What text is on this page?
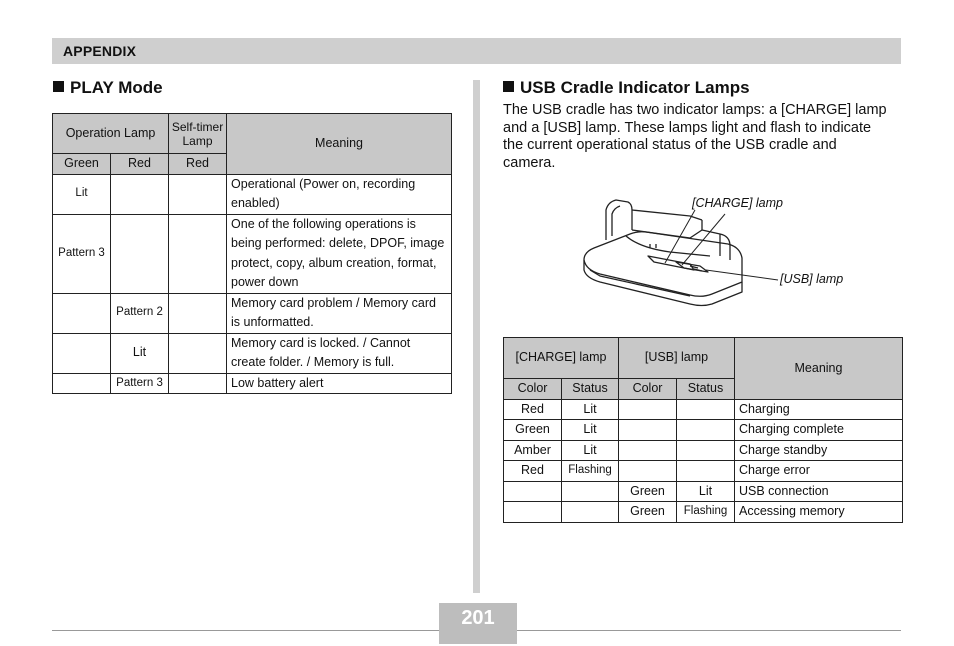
APPENDIX
PLAY Mode
Operation Lamp		Self-timer Lamp	Meaning
Green	Red	Red	
Lit			Operational (Power on, recording enabled)
Pattern 3			One of the following operations is being performed: delete, DPOF, image protect, copy, album creation, format, power down
	Pattern 2		Memory card problem / Memory card is unformatted.
	Lit		Memory card is locked. / Cannot create folder. / Memory is full.
	Pattern 3		Low battery alert
USB Cradle Indicator Lamps
The USB cradle has two indicator lamps: a [CHARGE] lamp and a [USB] lamp. These lamps light and flash to indicate the current operational status of the USB cradle and camera.
[CHARGE] lamp
[USB] lamp
[CHARGE] lamp		[USB] lamp		Meaning
Color	Status	Color	Status	
Red	Lit			Charging
Green	Lit			Charging complete
Amber	Lit			Charge standby
Red	Flashing			Charge error
		Green	Lit	USB connection
		Green	Flashing	Accessing memory
201
